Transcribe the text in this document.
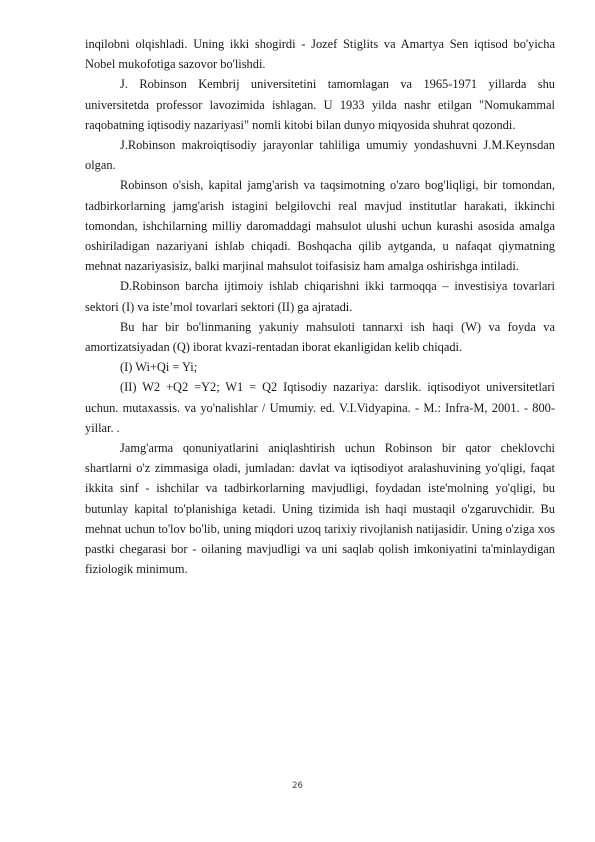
inqilobni olqishladi. Uning ikki shogirdi - Jozef Stiglits va Amartya Sen iqtisod bo'yicha Nobel mukofotiga sazovor bo'lishdi.

J. Robinson Kembrij universitetini tamomlagan va 1965-1971 yillarda shu universitetda professor lavozimida ishlagan. U 1933 yilda nashr etilgan "Nomukammal raqobatning iqtisodiy nazariyasi" nomli kitobi bilan dunyo miqyosida shuhrat qozondi.

J.Robinson makroiqtisodiy jarayonlar tahliliga umumiy yondashuvni J.M.Keynsdan olgan.

Robinson o'sish, kapital jamg'arish va taqsimotning o'zaro bog'liqligi, bir tomondan, tadbirkorlarning jamg'arish istagini belgilovchi real mavjud institutlar harakati, ikkinchi tomondan, ishchilarning milliy daromaddagi mahsulot ulushi uchun kurashi asosida amalga oshiriladigan nazariyani ishlab chiqadi. Boshqacha qilib aytganda, u nafaqat qiymatning mehnat nazariyasisiz, balki marjinal mahsulot toifasisiz ham amalga oshirishga intiladi.

D.Robinson barcha ijtimoiy ishlab chiqarishni ikki tarmoqqa – investisiya tovarlari sektori (I) va iste’mol tovarlari sektori (II) ga ajratadi.

Bu har bir bo'linmaning yakuniy mahsuloti tannarxi ish haqi (W) va foyda va amortizatsiyadan (Q) iborat kvazi-rentadan iborat ekanligidan kelib chiqadi.

(I) Wi+Qi = Yi;

(II) W2 +Q2 =Y2; W1 = Q2 Iqtisodiy nazariya: darslik. iqtisodiyot universitetlari uchun. mutaxassis. va yo'nalishlar / Umumiy. ed. V.I.Vidyapina. - M.: Infra-M, 2001. - 800-yillar. .

Jamg'arma qonuniyatlarini aniqlashtirish uchun Robinson bir qator cheklovchi shartlarni o'z zimmasiga oladi, jumladan: davlat va iqtisodiyot aralashuvining yo'qligi, faqat ikkita sinf - ishchilar va tadbirkorlarning mavjudligi, foydadan iste'molning yo'qligi, bu butunlay kapital to'planishiga ketadi. Uning tizimida ish haqi mustaqil o'zgaruvchidir. Bu mehnat uchun to'lov bo'lib, uning miqdori uzoq tarixiy rivojlanish natijasidir. Uning o'ziga xos pastki chegarasi bor - oilaning mavjudligi va uni saqlab qolish imkoniyatini ta'minlaydigan fiziologik minimum.

26
